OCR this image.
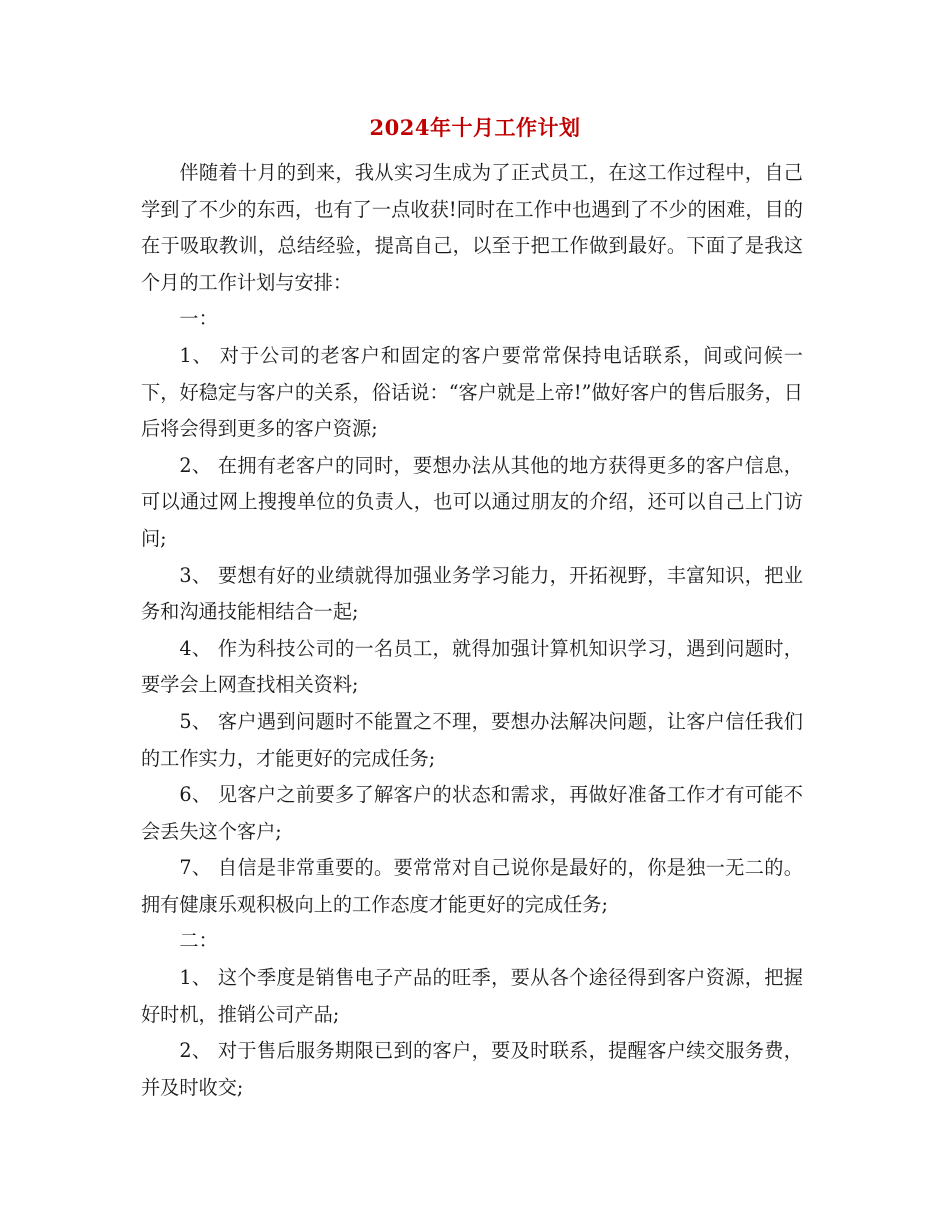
2024年十月工作计划

伴随着十月的到来，我从实习生成为了正式员工，在这工作过程中，自己学到了不少的东西，也有了一点收获!同时在工作中也遇到了不少的困难，目的在于吸取教训，总结经验，提高自己，以至于把工作做到最好。下面了是我这个月的工作计划与安排：

一：

1、 对于公司的老客户和固定的客户要常常保持电话联系，间或问候一下，好稳定与客户的关系，俗话说：“客户就是上帝!”做好客户的售后服务，日后将会得到更多的客户资源;

2、 在拥有老客户的同时，要想办法从其他的地方获得更多的客户信息，可以通过网上搜搜单位的负责人，也可以通过朋友的介绍，还可以自己上门访问;

3、 要想有好的业绩就得加强业务学习能力，开拓视野，丰富知识，把业务和沟通技能相结合一起;

4、 作为科技公司的一名员工，就得加强计算机知识学习，遇到问题时，要学会上网查找相关资料;

5、 客户遇到问题时不能置之不理，要想办法解决问题，让客户信任我们的工作实力，才能更好的完成任务;

6、 见客户之前要多了解客户的状态和需求，再做好准备工作才有可能不会丢失这个客户;

7、 自信是非常重要的。要常常对自己说你是最好的，你是独一无二的。拥有健康乐观积极向上的工作态度才能更好的完成任务;

二：

1、 这个季度是销售电子产品的旺季，要从各个途径得到客户资源，把握好时机，推销公司产品;

2、 对于售后服务期限已到的客户，要及时联系，提醒客户续交服务费，并及时收交;
